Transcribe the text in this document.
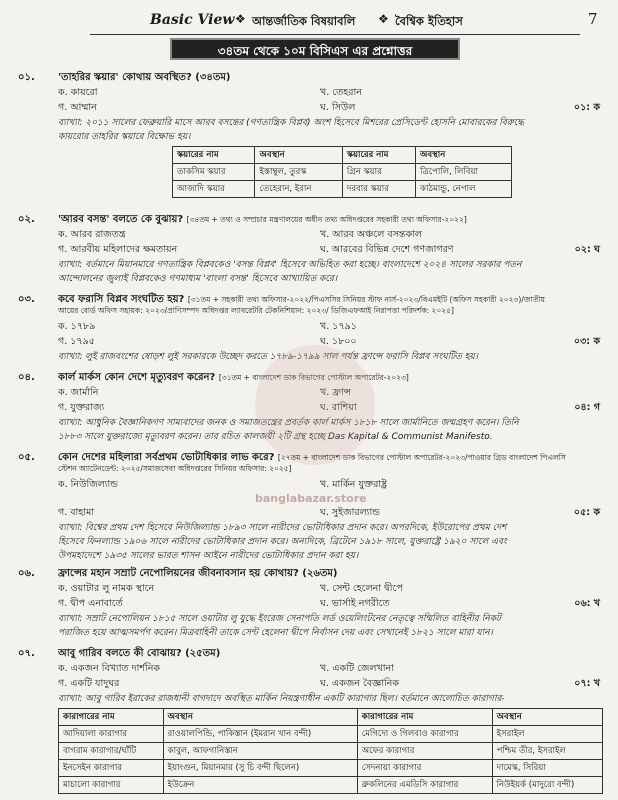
Basic View ❖ আন্তর্জাতিক বিষয়াবলি ❖ বৈশ্বিক ইতিহাস	7
৩৪তম থেকে ১০ম বিসিএস এর প্রশ্নোত্তর
০১. 'তাহরির স্কয়ার' কোথায় অবস্থিত? (৩৪তম)
ক. কায়রো	খ. তেহরান
গ. আম্মান	ঘ. সিউল	০১: ক
ব্যাখ্যা: ২০১১ সালের ফেব্রুয়ারি মাসে আরব বসন্তের (গণতান্ত্রিক বিপ্লব) অংশ হিসেবে মিশরের প্রেসিডেন্ট হোসনি মোবারকের বিরুদ্ধে
কায়রোর তাহরির স্কয়ারে বিক্ষোভ হয়।
স্কয়ারের নাম	অবস্থান	স্কয়ারের নাম	অবস্থান
তাকসিম স্কয়ার	ইস্তাম্বুল, তুরস্ক	গ্রিন স্কয়ার	ত্রিপোলি, লিবিয়া
আজাদি স্কয়ার	তেহেরান, ইরান	দরবার স্কয়ার	কাঠমান্ডু, নেপাল
০২. 'আরব বসন্ত' বলতে কে বুঝায়? [৩৪তম + তথ্য ও সম্প্রচার মন্ত্রণালয়ের অধীন তথ্য অধিদপ্তরের সহকারী তথ্য অফিসার-২০২২]
ক. আরব রাজতন্ত্র	খ. আরব অঞ্চলে বসন্তকাল
গ. আরবীয় মহিলাদের ক্ষমতায়ন	ঘ. আরবের বিভিন্ন দেশে গণজাগরণ	০২: ঘ
ব্যাখ্যা: বর্তমানে মিয়ানমারে গণতান্ত্রিক বিপ্লবকেও 'বসন্ত বিপ্লব' হিসেবে অভিহিত করা হচ্ছে। বাংলাদেশে ২০২৪ সালের সরকার পতন
আন্দোলনের জুলাই বিপ্লবকেও গণমাধ্যম 'বাংলা বসন্ত' হিসেবে আখ্যায়িত করে।
০৩. কবে ফরাসি বিপ্লব সংঘটিত হয়? [৩১তম + সহকারী তথ্য অফিসার-২০২২/পিএসসির সিনিয়র স্টাফ নার্স-২০২৩/বিএমইটি (অফিস সহকারী ২০২৩)/জাতীয়
আয়ের বোর্ড অফিস সহায়ক: ২০২৩/প্রাণিসম্পদ অধিদপ্তর ল্যাবরেটরি টেকনিশিয়ান: ২০২৩/ ডিজিএফআই নিরাপত্তা পরিদর্শক: ২০২৫]
ক. ১৭৮৯	খ. ১৭৯১
গ. ১৭৯৫	ঘ. ১৮০০	০৩: ক
ব্যাখ্যা: লুই রাজবংশের ষোড়শ লুই সরকারকে উচ্ছেদ করতে ১৭৮৯-১৭৯৯ সাল পর্যন্ত ফ্রান্সে ফরাসি বিপ্লব সংঘটিত হয়।
০৪. কার্ল মার্কস কোন দেশে মৃত্যুবরণ করেন? [৩১তম + বাংলাদেশ ডাক বিভাগের পোস্টাল অপারেটর-২০২৩]
ক. জার্মানি	খ. ফ্রান্স
গ. যুক্তরাজ্য	ঘ. রাশিয়া	০৪: গ
ব্যাখ্যা: আধুনিক বৈজ্ঞানিকগণ সাম্যবাদের জনক ও সমাজতন্ত্রের প্রবর্তক কার্ল মার্কস ১৮১৮ সালে জার্মানিতে জন্মগ্রহণ করেন। তিনি
১৮৮৩ সালে যুক্তরাজ্যে মৃত্যুবরণ করেন। তার রচিত কালজয়ী ২টি গ্রন্থ হচ্ছে Das Kapital & Communist Manifesto.
০৫. কোন দেশের মহিলারা সর্বপ্রথম ভোটাধিকার লাভ করে? [২৭তম + বাংলাদেশ ডাক বিভাগের পোস্টাল অপারেটর-২০২৩/পাওয়ার গ্রিড বাংলাদেশ পিএলসি
স্টেশন অ্যাটেনডেন্ট: ২০২৫/সমাজসেবা অধিদপ্তরের সিনিয়র অফিসার: ২০২৫]
ক. নিউজিল্যান্ড	খ. মার্কিন যুক্তরাষ্ট্র
banglabazar.store
গ. বাহামা	ঘ. সুইজারল্যান্ড	০৫: ক
ব্যাখ্যা: বিশ্বের প্রথম দেশ হিসেবে নিউজিল্যান্ড ১৮৯৩ সালে নারীদের ভোটাধিকার প্রদান করে। অপরদিকে, ইউরোপের প্রথম দেশ
হিসেবে ফিনল্যান্ড ১৯০৬ সালে নারীদের ভোটাধিকার প্রদান করে। অন্যদিকে, ব্রিটেনে ১৯১৮ সালে, যুক্তরাষ্ট্রে ১৯২০ সালে এবং
উপমহাদেশে ১৯৩৫ সালের ভারত শাসন আইনে নারীদের ভোটাধিকার প্রদান করা হয়।
০৬. ফ্রান্সের মহান সম্রাট নেপোলিয়নের জীবনাবসান হয় কোথায়? (২৬তম)
ক. ওয়াটার লু নামক স্থানে	খ. সেন্ট হেলেনা দ্বীপে
গ. দ্বীপ এনাবার্তে	ঘ. ভার্সাই নগরীতে	০৬: খ
ব্যাখ্যা: সম্রাট নেপোলিয়ন ১৮১৫ সালে ওয়াটার লু যুদ্ধে ইংরেজ সেনাপতি লর্ড ওয়েলিংটনের নেতৃত্বে সম্মিলিত বাহিনীর নিকট
পরাজিত হয়ে আত্মসমর্পণ করেন। মিত্রবাহিনী তাকে সেন্ট হেলেনা দ্বীপে নির্বাসন দেয় এবং সেখানেই ১৮২১ সালে মারা যান।
০৭. আবু গারিব বলতে কী বোঝায়? (২৫তম)
ক. একজন বিখ্যাত দার্শনিক	খ. একটি জেলখানা
গ. একটি যাদুঘর	ঘ. একজন বৈজ্ঞানিক	০৭: খ
ব্যাখ্যা: আবু গারিব ইরাকের রাজধানী বাগদাদে অবস্থিত মার্কিন নিয়ন্ত্রণাধীন একটি কারাগার ছিল। বর্তমানে আলোচিত কারাগার-
কারাগারের নাম	অবস্থান	কারাগারের নাম	অবস্থান
আদিয়ালা কারাগার	রাওয়ালপিন্ডি, পাকিস্তান (ইমরান খান বন্দী)	মেগিদো ও গিলবাও কারাগার	ইসরাইল
বাগরাম কারাগার/ঘাঁটি	কাবুল, আফগানিস্তান	অফের কারাগার	পশ্চিম তীর, ইসরাইল
ইনসেইন কারাগার	ইয়াংগুন, মিয়ানমার (সু চি বন্দী ছিলেন)	সেদনায়া কারাগার	দামেস্ক, সিরিয়া
মাচালো কারাগার	ইউক্রেন	ব্রুকলিনের এমডিসি কারাগার	নিউইয়র্ক (মাদুরো বন্দী)
